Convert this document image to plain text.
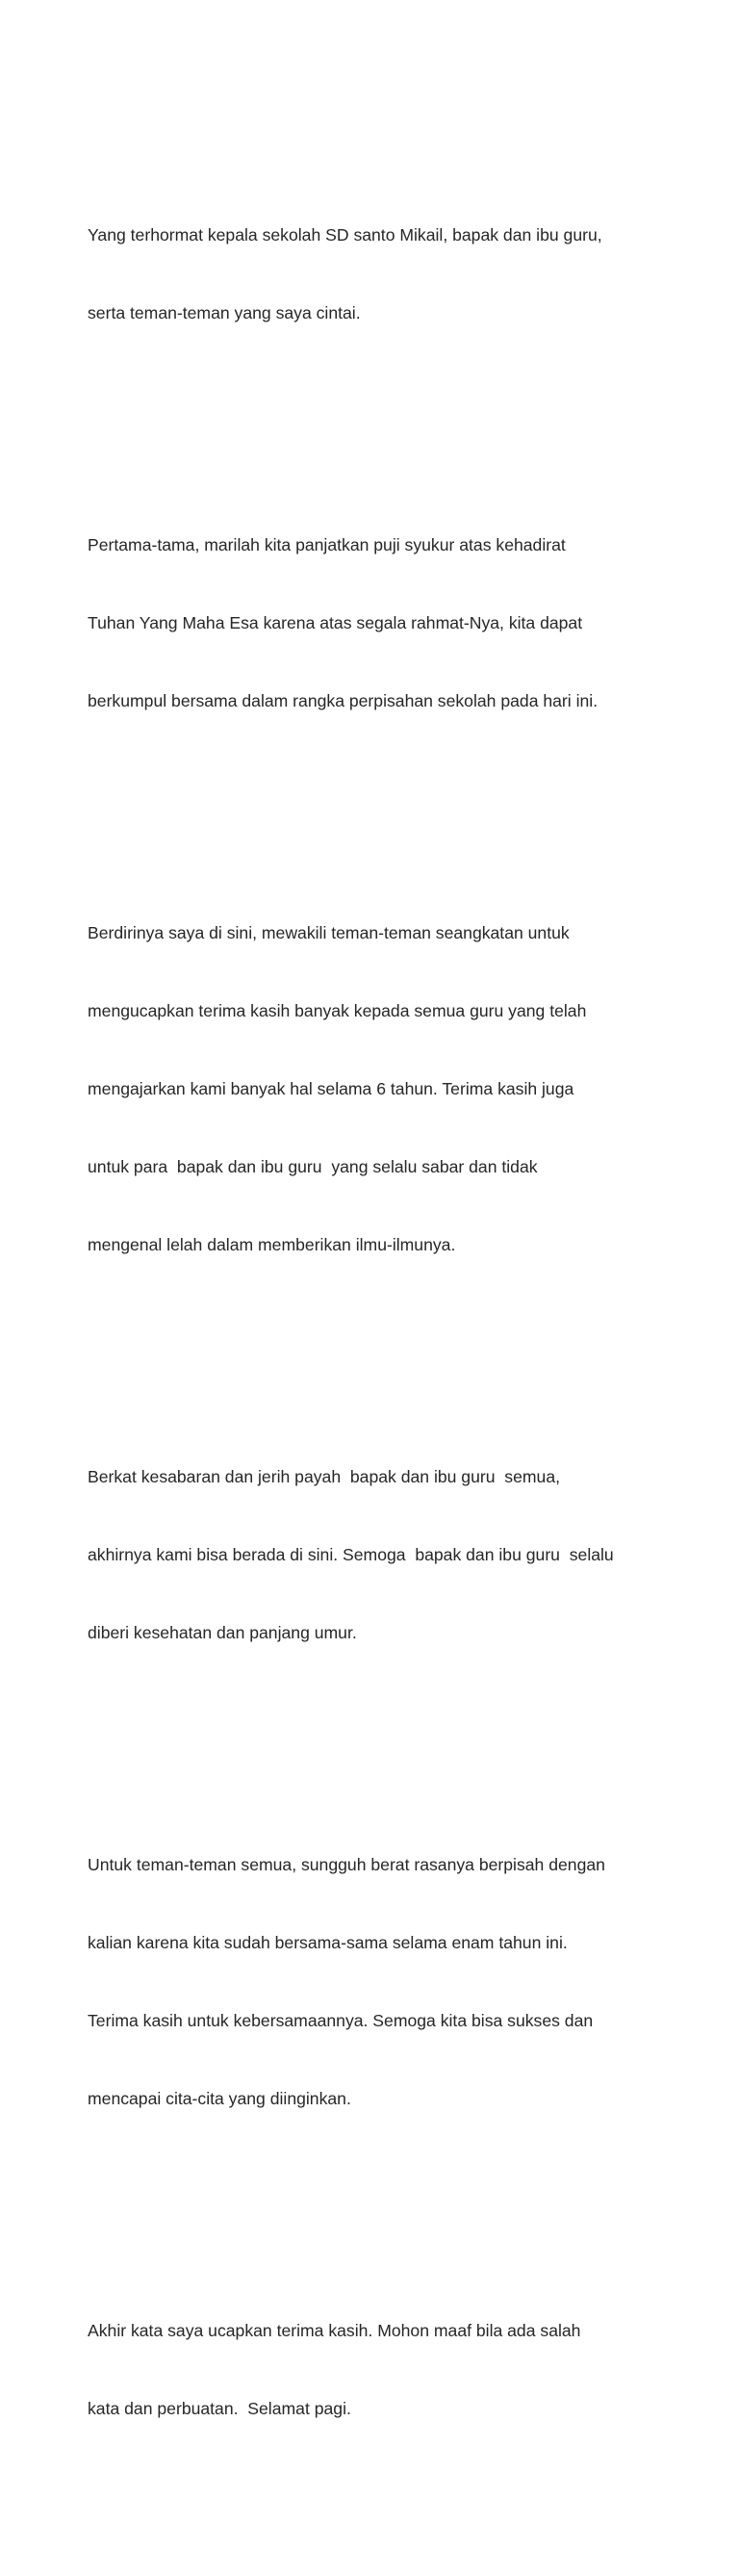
Yang terhormat kepala sekolah SD santo Mikail, bapak dan ibu guru,

serta teman-teman yang saya cintai.

Pertama-tama, marilah kita panjatkan puji syukur atas kehadirat

Tuhan Yang Maha Esa karena atas segala rahmat-Nya, kita dapat

berkumpul bersama dalam rangka perpisahan sekolah pada hari ini.

Berdirinya saya di sini, mewakili teman-teman seangkatan untuk

mengucapkan terima kasih banyak kepada semua guru yang telah

mengajarkan kami banyak hal selama 6 tahun. Terima kasih juga

untuk para  bapak dan ibu guru  yang selalu sabar dan tidak

mengenal lelah dalam memberikan ilmu-ilmunya.

Berkat kesabaran dan jerih payah  bapak dan ibu guru  semua,

akhirnya kami bisa berada di sini. Semoga  bapak dan ibu guru  selalu

diberi kesehatan dan panjang umur.

Untuk teman-teman semua, sungguh berat rasanya berpisah dengan

kalian karena kita sudah bersama-sama selama enam tahun ini.

Terima kasih untuk kebersamaannya. Semoga kita bisa sukses dan

mencapai cita-cita yang diinginkan.

Akhir kata saya ucapkan terima kasih. Mohon maaf bila ada salah

kata dan perbuatan.  Selamat pagi.
